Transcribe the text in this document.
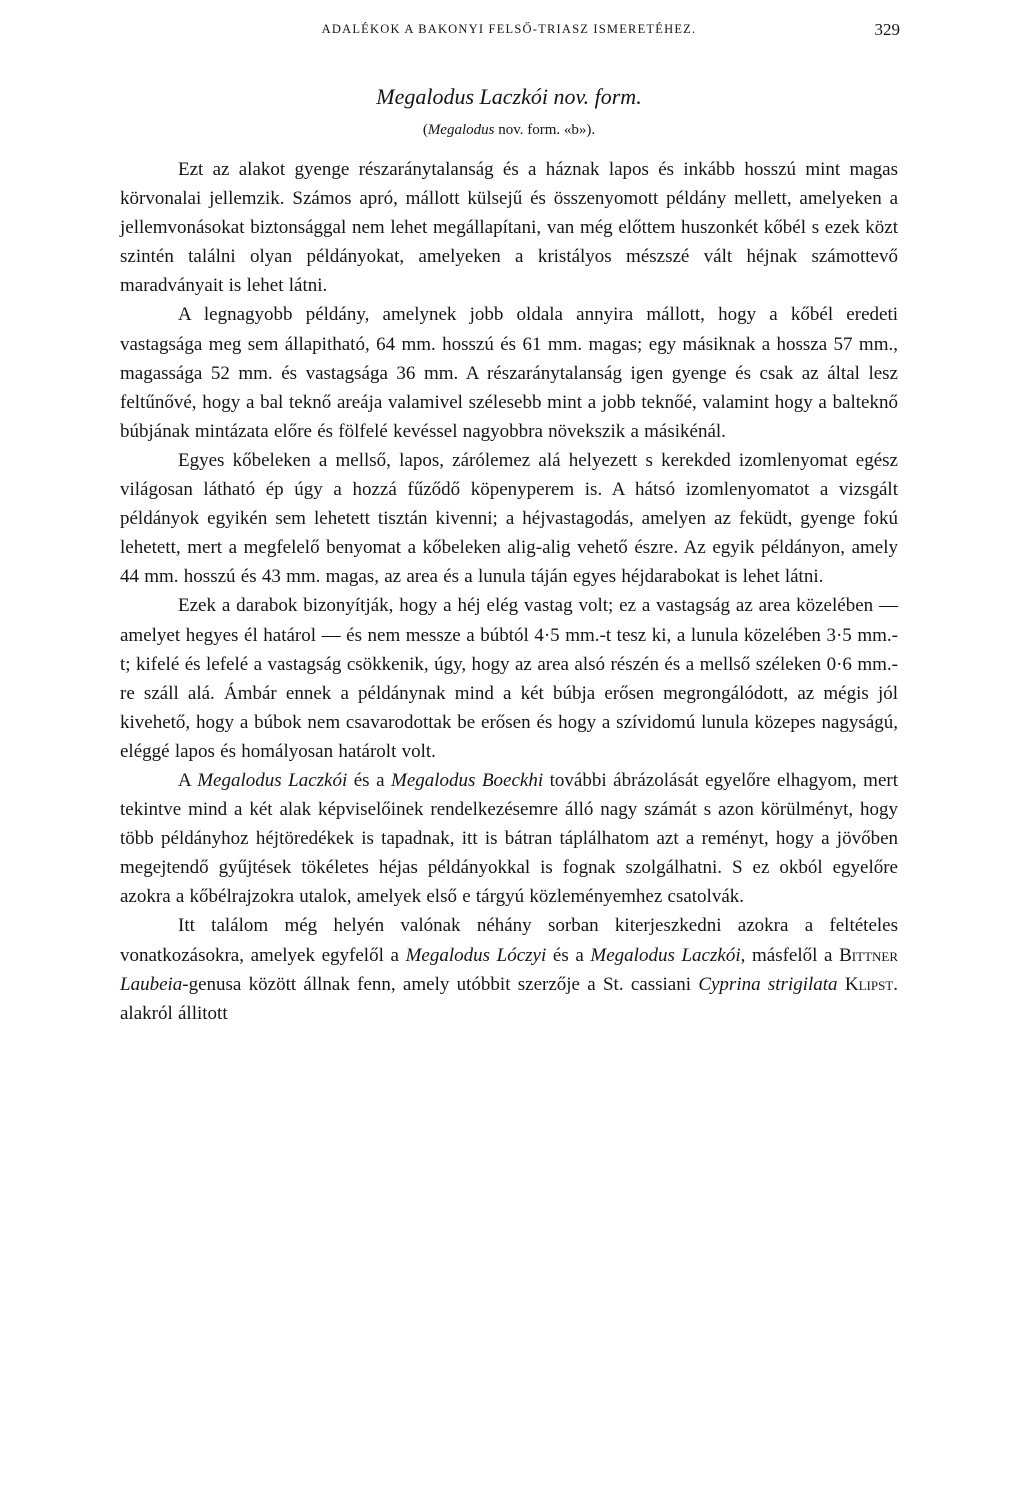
ADALÉKOK A BAKONYI FELSŐ-TRIASZ ISMERETÉHEZ.	329
Megalodus Laczkói nov. form.
(Megalodus nov. form. «b»).

Ezt az alakot gyenge részaránytalanság és a háznak lapos és inkább hosszú mint magas körvonalai jellemzik. Számos apró, mállott külsejű és összenyomott példány mellett, amelyeken a jellemvonásokat biztonsággal nem lehet megállapítani, van még előttem huszonkét kőbél s ezek közt szintén találni olyan példányokat, amelyeken a kristályos mészszé vált héjnak számottevő maradványait is lehet látni.

A legnagyobb példány, amelynek jobb oldala annyira mállott, hogy a kőbél eredeti vastagsága meg sem állapitható, 64 mm. hosszú és 61 mm. magas; egy másiknak a hossza 57 mm., magassága 52 mm. és vastagsága 36 mm. A részaránytalanság igen gyenge és csak az által lesz feltűnővé, hogy a bal teknő areája valamivel szélesebb mint a jobb teknőé, valamint hogy a balteknő búbjának mintázata előre és fölfelé kevéssel nagyobbra növekszik a másikénál.

Egyes kőbeleken a mellső, lapos, zárólemez alá helyezett s kerekded izomlenyomat egész világosan látható ép úgy a hozzá fűződő köpenyperem is. A hátsó izomlenyomatot a vizsgált példányok egyikén sem lehetett tisztán kivenni; a héjvastagodás, amelyen az feküdt, gyenge fokú lehetett, mert a megfelelő benyomat a kőbeleken alig-alig vehető észre. Az egyik példányon, amely 44 mm. hosszú és 43 mm. magas, az area és a lunula táján egyes héjdarabokat is lehet látni.

Ezek a darabok bizonyítják, hogy a héj elég vastag volt; ez a vastagság az area közelében — amelyet hegyes él határol — és nem messze a búbtól 4·5 mm.-t tesz ki, a lunula közelében 3·5 mm.-t; kifelé és lefelé a vastagság csökkenik, úgy, hogy az area alsó részén és a mellső széleken 0·6 mm.-re száll alá. Ámbár ennek a példánynak mind a két búbja erősen megrongálódott, az mégis jól kivehető, hogy a búbok nem csavarodottak be erősen és hogy a szívidomú lunula közepes nagyságú, eléggé lapos és homályosan határolt volt.

A Megalodus Laczkói és a Megalodus Boeckhi további ábrázolását egyelőre elhagyom, mert tekintve mind a két alak képviselőinek rendelkezésemre álló nagy számát s azon körülményt, hogy több példányhoz héjtöredékek is tapadnak, itt is bátran táplálhatom azt a reményt, hogy a jövőben megejtendő gyűjtések tökéletes héjas példányokkal is fognak szolgálhatni. S ez okból egyelőre azokra a kőbélrajzokra utalok, amelyek első e tárgyú közleményemhez csatolvák.

Itt találom még helyén valónak néhány sorban kiterjeszkedni azokra a feltételes vonatkozásokra, amelyek egyfelől a Megalodus Lóczyi és a Megalodus Laczkói, másfelől a Bittner Laubeia-genusa között állnak fenn, amely utóbbit szerzője a St. cassiani Cyprina strigilata Klipst. alakról állitott
